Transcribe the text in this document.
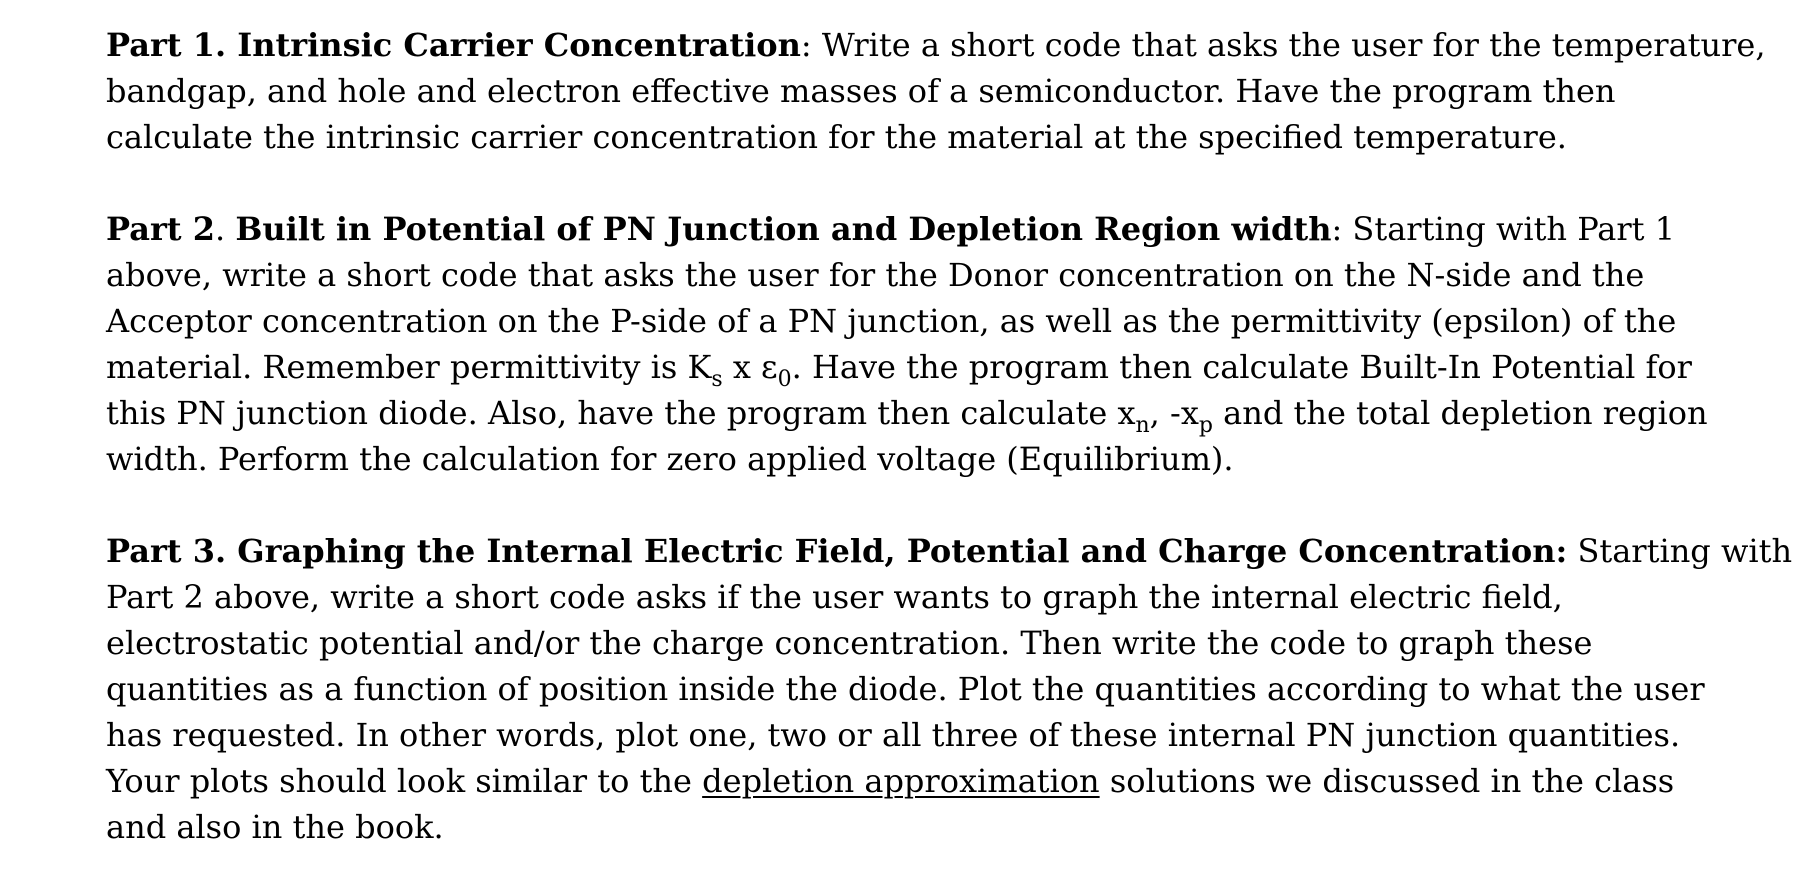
Part 1. Intrinsic Carrier Concentration: Write a short code that asks the user for the temperature,
bandgap, and hole and electron effective masses of a semiconductor. Have the program then
calculate the intrinsic carrier concentration for the material at the specified temperature.
Part 2. Built in Potential of PN Junction and Depletion Region width: Starting with Part 1
above, write a short code that asks the user for the Donor concentration on the N-side and the
Acceptor concentration on the P-side of a PN junction, as well as the permittivity (epsilon) of the
material. Remember permittivity is $K_s$ x $\varepsilon_0$. Have the program then calculate Built-In Potential for
this PN junction diode. Also, have the program then calculate $x_n$, $-x_p$ and the total depletion region
width. Perform the calculation for zero applied voltage (Equilibrium).
Part 3. Graphing the Internal Electric Field, Potential and Charge Concentration: Starting with
Part 2 above, write a short code asks if the user wants to graph the internal electric field,
electrostatic potential and/or the charge concentration. Then write the code to graph these
quantities as a function of position inside the diode. Plot the quantities according to what the user
has requested. In other words, plot one, two or all three of these internal PN junction quantities.
Your plots should look similar to the depletion approximation solutions we discussed in the class
and also in the book.
